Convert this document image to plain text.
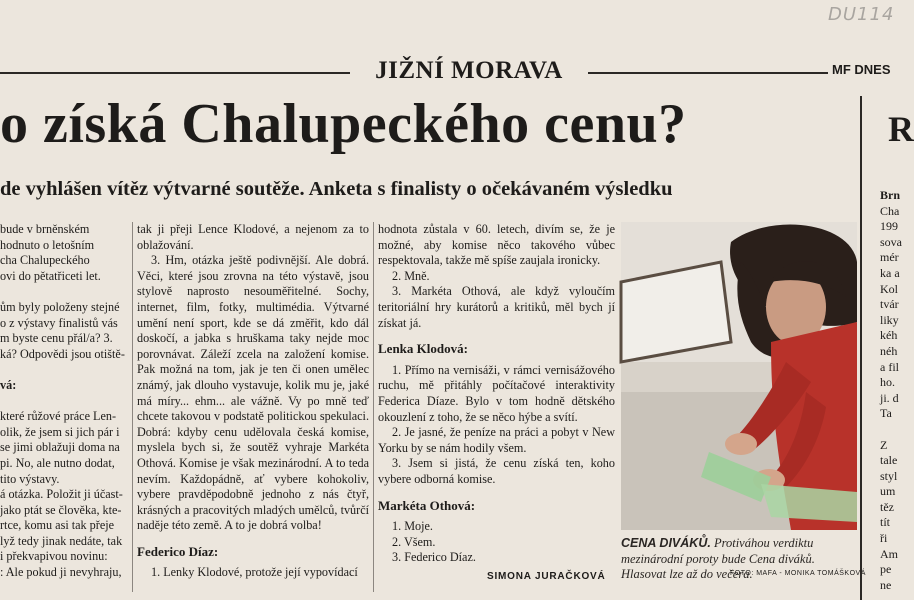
DU114
JIŽNÍ MORAVA	MF DNES
o získá Chalupeckého cenu?
de vyhlášen vítěz výtvarné soutěže. Anketa s finalisty o očekávaném výsledku
bude v brněnském
hodnuto o letošním
cha Chalupeckého
ovi do pětatřiceti let.
ům byly položeny stejné
o z výstavy finalistů vás
m byste cenu přál/a? 3.
ká? Odpovědi jsou otiště-
vá:
které růžové práce Len-
olik, že jsem si jich pár i
se jimi oblažuji doma na
pi. No, ale nutno dodat,
tito výstavy.
á otázka. Položit ji účast-
jako ptát se člověka, kte-
rtce, komu asi tak přeje
lyž tedy jinak nedáte, tak
i překvapivou novinu:
: Ale pokud ji nevyhraju,

tak ji přeji Lence Klodové, a nejenom za to oblažování.

3. Hm, otázka ještě podivnější. Ale dobrá. Věci, které jsou zrovna na této výstavě, jsou stylově naprosto nesouměřitelné. Sochy, internet, film, fotky, multimédia. Výtvarné umění není sport, kde se dá změřit, kdo dál doskočí, a jabka s hruškama taky nejde moc porovnávat. Záleží zcela na založení komise. Pak možná na tom, jak je ten či onen umělec známý, jak dlouho vystavuje, kolik mu je, jaké má míry... ehm... ale vážně. Vy po mně teď chcete takovou v podstatě politickou spekulaci. Dobrá: kdyby cenu udělovala česká komise, myslela bych si, že soutěž vyhraje Markéta Othová. Komise je však mezinárodní. A to teda nevím. Každopádně, ať vybere kohokoliv, vybere pravděpodobně jednoho z nás čtyř, krásných a pracovitých mladých umělců, tvůrčí naděje této země. A to je dobrá volba!

Federico Díaz:

1. Lenky Klodové, protože její vypovídací

hodnota zůstala v 60. letech, divím se, že je možné, aby komise něco takového vůbec respektovala, takže mě spíše zaujala ironicky.

2. Mně.

3. Markéta Othová, ale když vyloučím teritoriální hry kurátorů a kritiků, měl bych jí získat já.

Lenka Klodová:

1. Přímo na vernisáži, v rámci vernisážového ruchu, mě přitáhly počítačové interaktivity Federica Díaze. Bylo v tom hodně dětského okouzlení z toho, že se něco hýbe a svítí.

2. Je jasné, že peníze na práci a pobyt v New Yorku by se nám hodily všem.

3. Jsem si jistá, že cenu získá ten, koho vybere odborná komise.

Markéta Othová:

1. Moje.

2. Všem.

3. Federico Díaz.

CENA DIVÁKŮ. Protiváhou verdiktu mezinárodní poroty bude Cena diváků. Hlasovat lze až do večera.
FOTO: MAFA - MONIKA TOMÁŠKOVÁ
SIMONA JURAČKOVÁ
R
Brn
Cha
199
sova
mér
ka a
Kol
tvár
liky
kéh
néh
a fil
ho.
ji. d
Ta
Z
tale
styl
um
těz
tít
ři
Am
pe
ne
